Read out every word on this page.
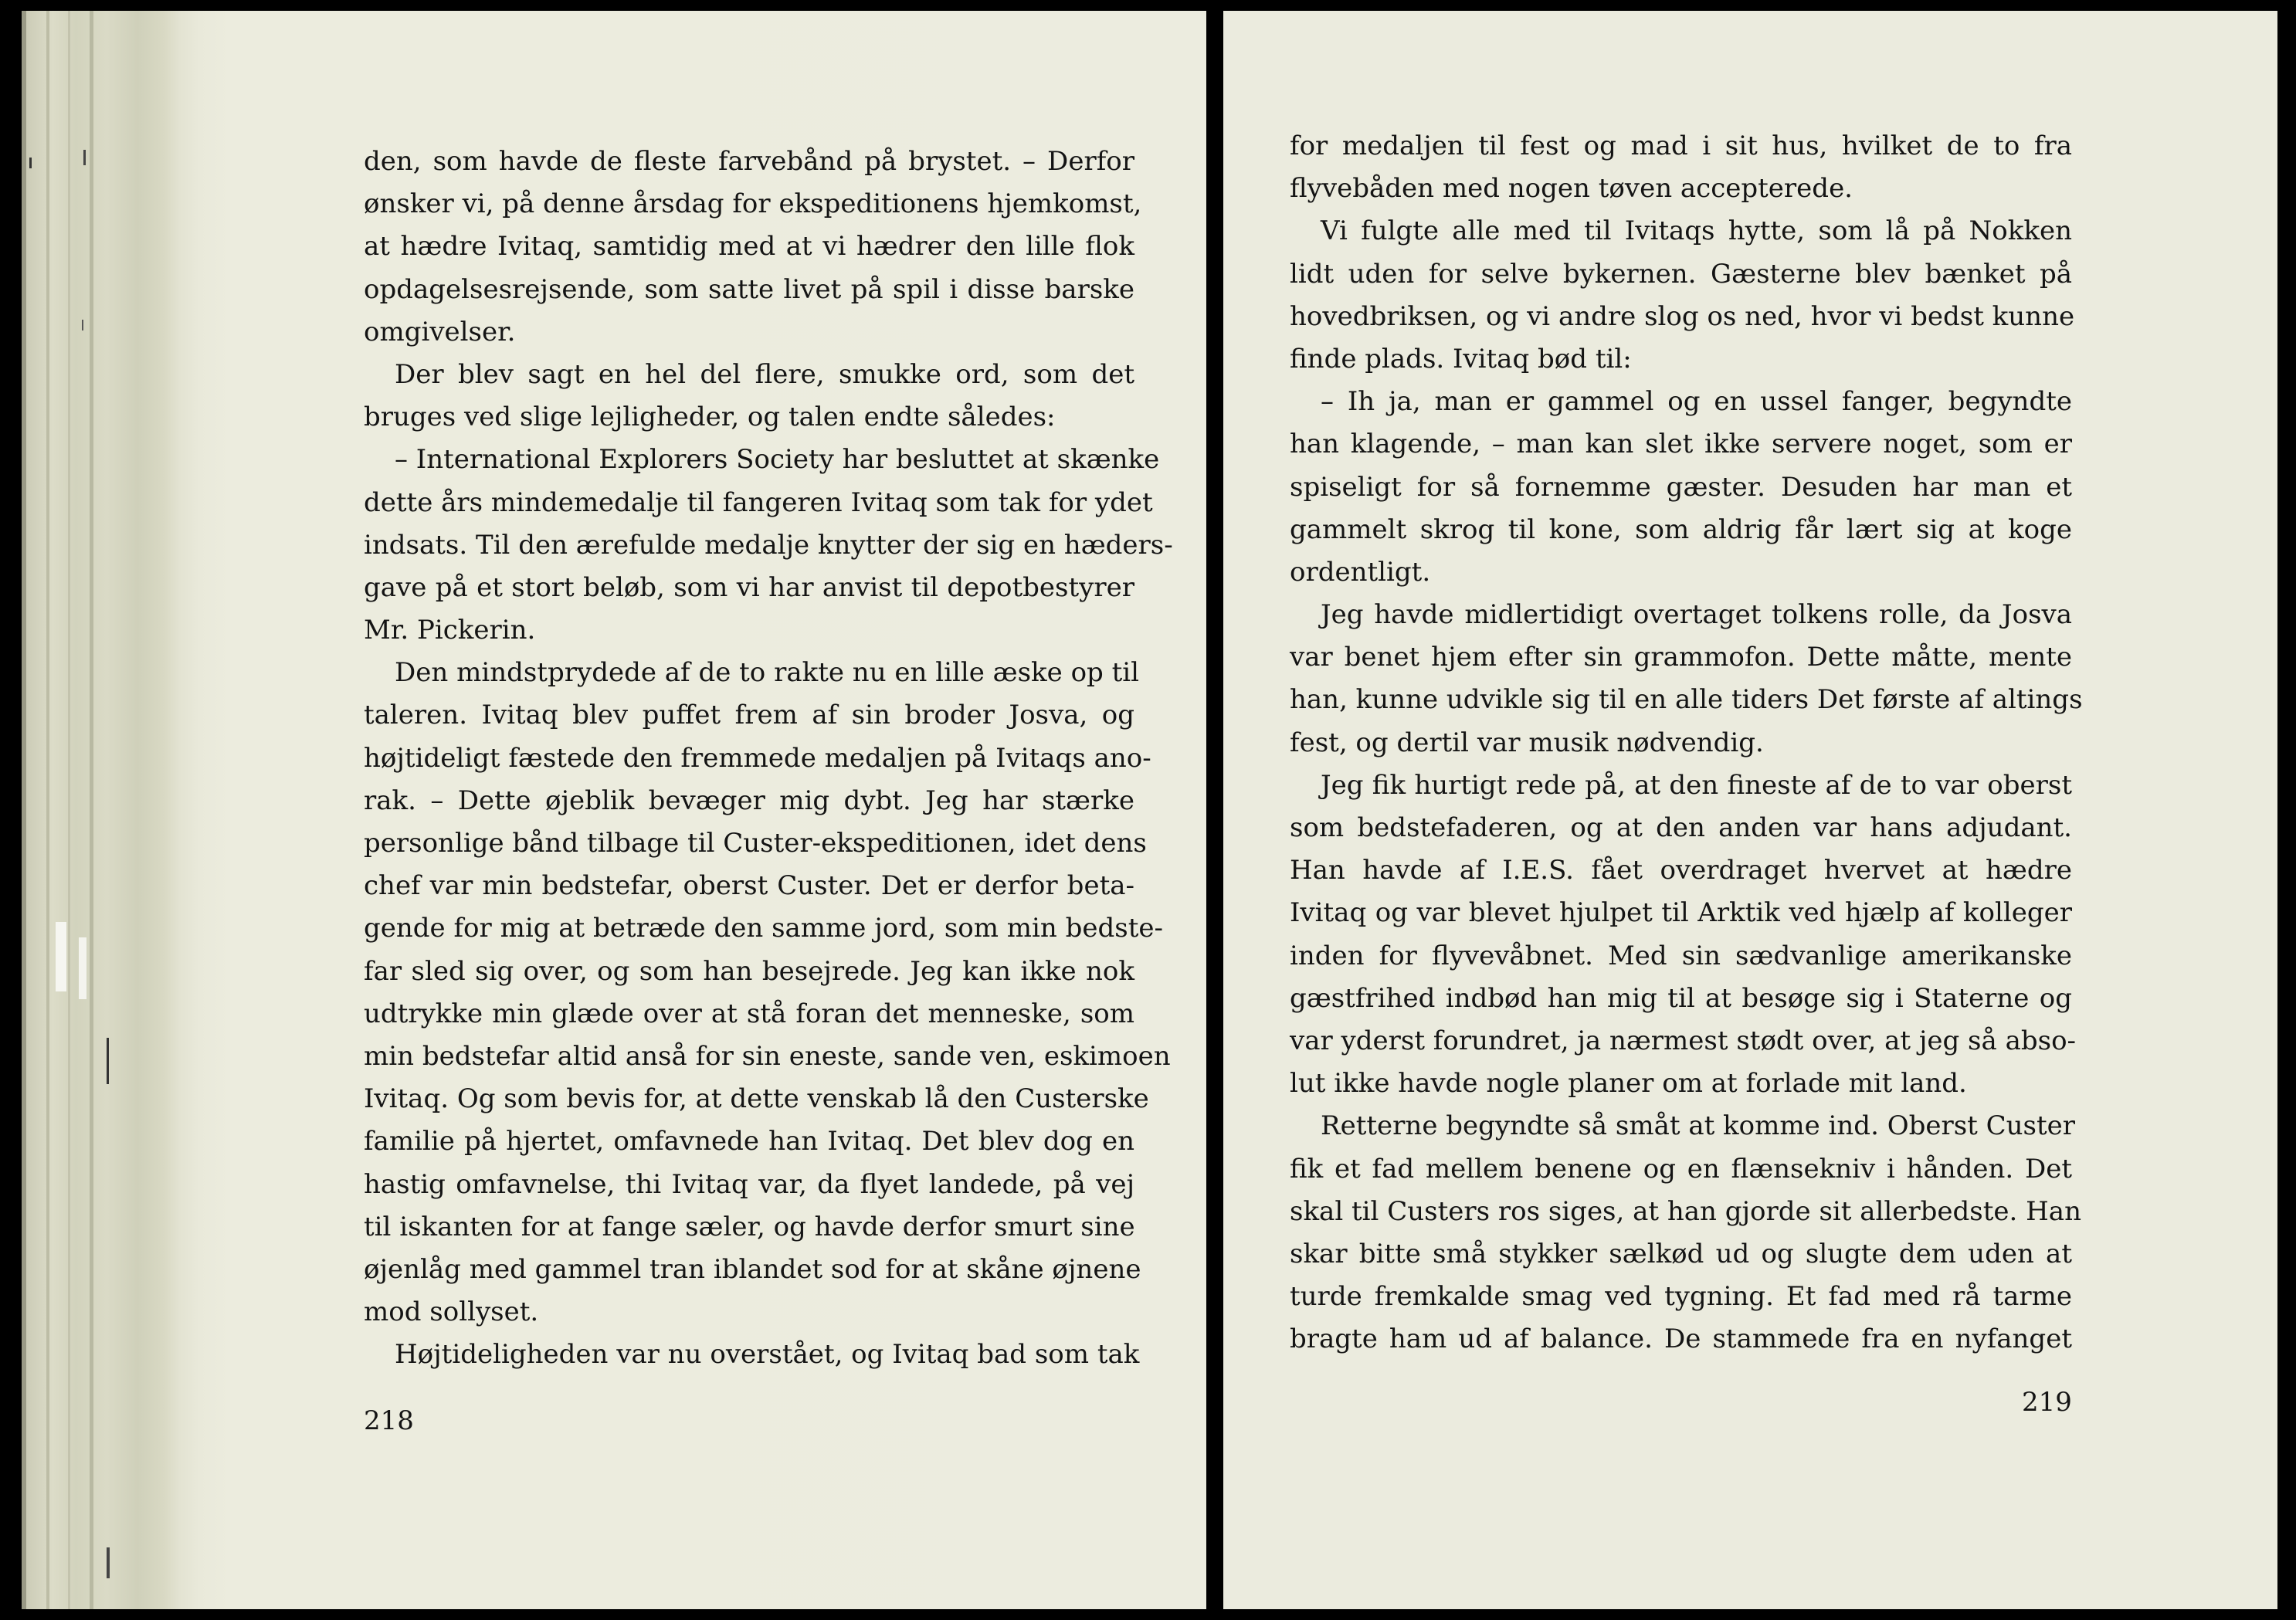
den, som havde de fleste farvebånd på brystet. – Derfor
ønsker vi, på denne årsdag for ekspeditionens hjemkomst,
at hædre Ivitaq, samtidig med at vi hædrer den lille flok
opdagelsesrejsende, som satte livet på spil i disse barske
omgivelser.
Der blev sagt en hel del flere, smukke ord, som det
bruges ved slige lejligheder, og talen endte således:
– International Explorers Society har besluttet at skænke
dette års mindemedalje til fangeren Ivitaq som tak for ydet
indsats. Til den ærefulde medalje knytter der sig en hæders-
gave på et stort beløb, som vi har anvist til depotbestyrer
Mr. Pickerin.
Den mindstprydede af de to rakte nu en lille æske op til
taleren. Ivitaq blev puffet frem af sin broder Josva, og
højtideligt fæstede den fremmede medaljen på Ivitaqs ano-
rak. – Dette øjeblik bevæger mig dybt. Jeg har stærke
personlige bånd tilbage til Custer-ekspeditionen, idet dens
chef var min bedstefar, oberst Custer. Det er derfor beta-
gende for mig at betræde den samme jord, som min bedste-
far sled sig over, og som han besejrede. Jeg kan ikke nok
udtrykke min glæde over at stå foran det menneske, som
min bedstefar altid anså for sin eneste, sande ven, eskimoen
Ivitaq. Og som bevis for, at dette venskab lå den Custerske
familie på hjertet, omfavnede han Ivitaq. Det blev dog en
hastig omfavnelse, thi Ivitaq var, da flyet landede, på vej
til iskanten for at fange sæler, og havde derfor smurt sine
øjenlåg med gammel tran iblandet sod for at skåne øjnene
mod sollyset.
Højtideligheden var nu overstået, og Ivitaq bad som tak
218
for medaljen til fest og mad i sit hus, hvilket de to fra
flyvebåden med nogen tøven accepterede.
Vi fulgte alle med til Ivitaqs hytte, som lå på Nokken
lidt uden for selve bykernen. Gæsterne blev bænket på
hovedbriksen, og vi andre slog os ned, hvor vi bedst kunne
finde plads. Ivitaq bød til:
– Ih ja, man er gammel og en ussel fanger, begyndte
han klagende, – man kan slet ikke servere noget, som er
spiseligt for så fornemme gæster. Desuden har man et
gammelt skrog til kone, som aldrig får lært sig at koge
ordentligt.
Jeg havde midlertidigt overtaget tolkens rolle, da Josva
var benet hjem efter sin grammofon. Dette måtte, mente
han, kunne udvikle sig til en alle tiders Det første af altings
fest, og dertil var musik nødvendig.
Jeg fik hurtigt rede på, at den fineste af de to var oberst
som bedstefaderen, og at den anden var hans adjudant.
Han havde af I.E.S. fået overdraget hvervet at hædre
Ivitaq og var blevet hjulpet til Arktik ved hjælp af kolleger
inden for flyvevåbnet. Med sin sædvanlige amerikanske
gæstfrihed indbød han mig til at besøge sig i Staterne og
var yderst forundret, ja nærmest stødt over, at jeg så abso-
lut ikke havde nogle planer om at forlade mit land.
Retterne begyndte så småt at komme ind. Oberst Custer
fik et fad mellem benene og en flænsekniv i hånden. Det
skal til Custers ros siges, at han gjorde sit allerbedste. Han
skar bitte små stykker sælkød ud og slugte dem uden at
turde fremkalde smag ved tygning. Et fad med rå tarme
bragte ham ud af balance. De stammede fra en nyfanget
219
